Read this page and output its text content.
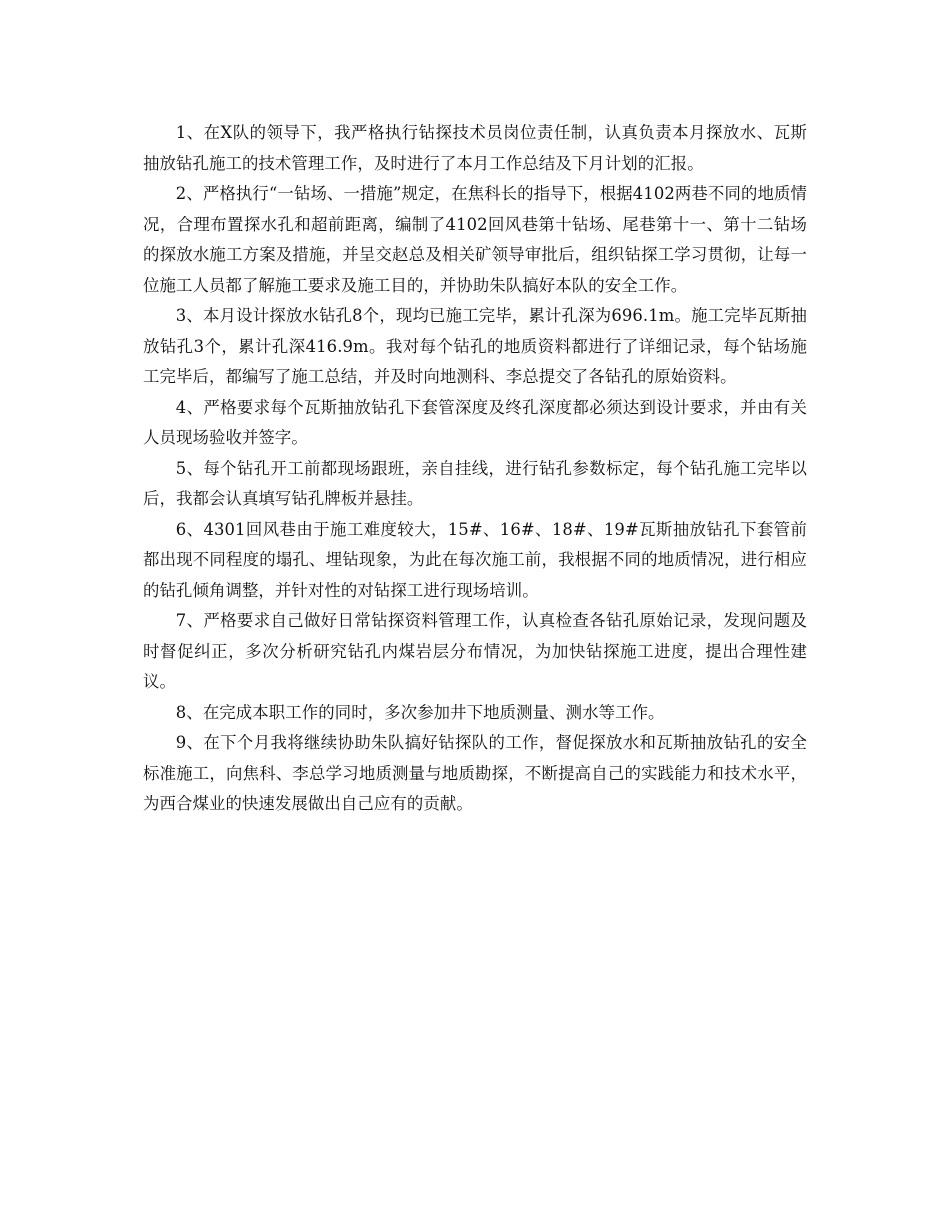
1、在X队的领导下，我严格执行钻探技术员岗位责任制，认真负责本月探放水、瓦斯抽放钻孔施工的技术管理工作，及时进行了本月工作总结及下月计划的汇报。

2、严格执行“一钻场、一措施”规定，在焦科长的指导下，根据4102两巷不同的地质情况，合理布置探水孔和超前距离，编制了4102回风巷第十钻场、尾巷第十一、第十二钻场的探放水施工方案及措施，并呈交赵总及相关矿领导审批后，组织钻探工学习贯彻，让每一位施工人员都了解施工要求及施工目的，并协助朱队搞好本队的安全工作。

3、本月设计探放水钻孔8个，现均已施工完毕，累计孔深为696.1m。施工完毕瓦斯抽放钻孔3个，累计孔深416.9m。我对每个钻孔的地质资料都进行了详细记录，每个钻场施工完毕后，都编写了施工总结，并及时向地测科、李总提交了各钻孔的原始资料。

4、严格要求每个瓦斯抽放钻孔下套管深度及终孔深度都必须达到设计要求，并由有关人员现场验收并签字。

5、每个钻孔开工前都现场跟班，亲自挂线，进行钻孔参数标定，每个钻孔施工完毕以后，我都会认真填写钻孔牌板并悬挂。

6、4301回风巷由于施工难度较大，15#、16#、18#、19#瓦斯抽放钻孔下套管前都出现不同程度的塌孔、埋钻现象，为此在每次施工前，我根据不同的地质情况，进行相应的钻孔倾角调整，并针对性的对钻探工进行现场培训。

7、严格要求自己做好日常钻探资料管理工作，认真检查各钻孔原始记录，发现问题及时督促纠正，多次分析研究钻孔内煤岩层分布情况，为加快钻探施工进度，提出合理性建议。

8、在完成本职工作的同时，多次参加井下地质测量、测水等工作。

9、在下个月我将继续协助朱队搞好钻探队的工作，督促探放水和瓦斯抽放钻孔的安全标准施工，向焦科、李总学习地质测量与地质勘探，不断提高自己的实践能力和技术水平，为西合煤业的快速发展做出自己应有的贡献。
